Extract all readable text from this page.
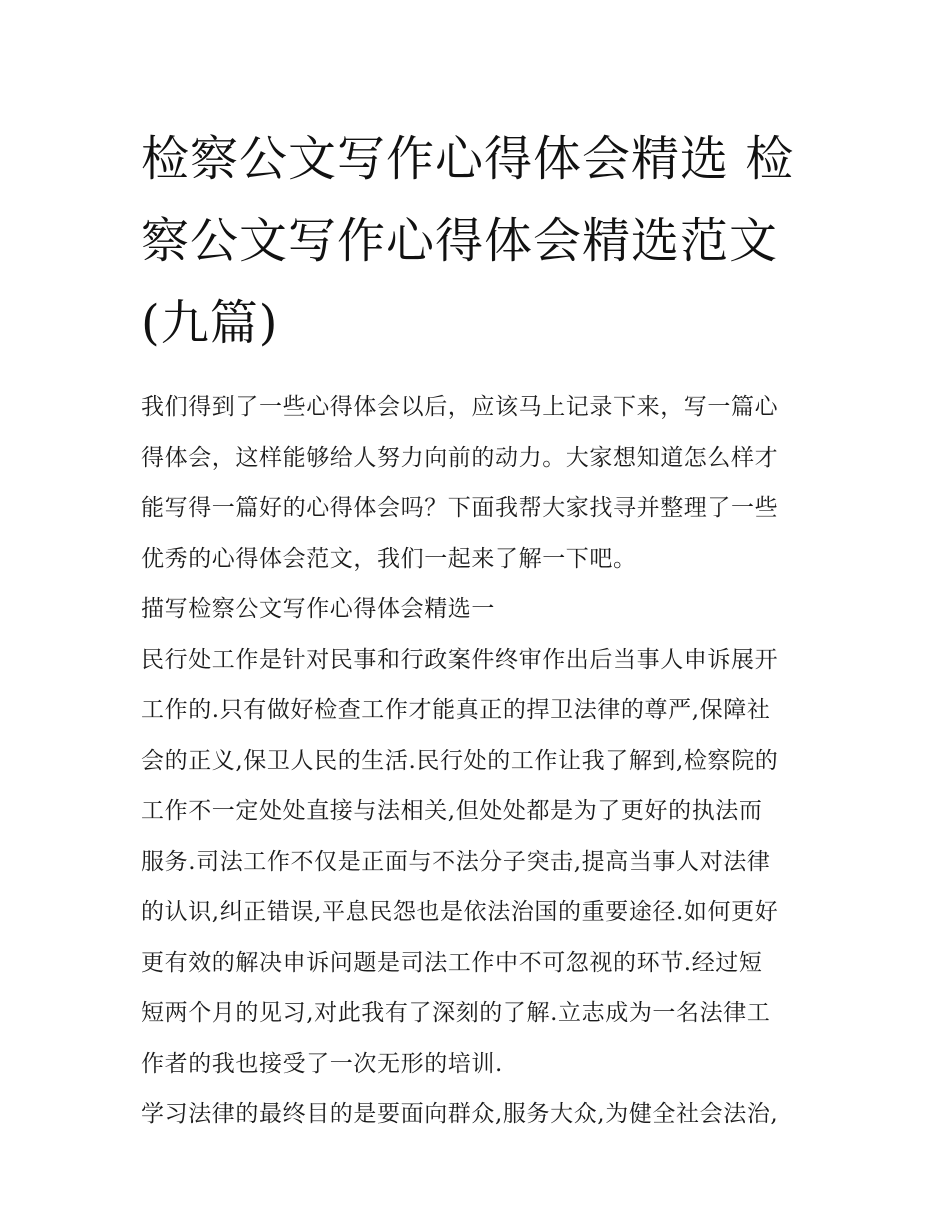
检察公文写作心得体会精选 检
察公文写作心得体会精选范文
(九篇)

我们得到了一些心得体会以后，应该马上记录下来，写一篇心
得体会，这样能够给人努力向前的动力。大家想知道怎么样才
能写得一篇好的心得体会吗？下面我帮大家找寻并整理了一些
优秀的心得体会范文，我们一起来了解一下吧。

描写检察公文写作心得体会精选一

民行处工作是针对民事和行政案件终审作出后当事人申诉展开
工作的.只有做好检查工作才能真正的捍卫法律的尊严,保障社
会的正义,保卫人民的生活.民行处的工作让我了解到,检察院的
工作不一定处处直接与法相关,但处处都是为了更好的执法而
服务.司法工作不仅是正面与不法分子突击,提高当事人对法律
的认识,纠正错误,平息民怨也是依法治国的重要途径.如何更好
更有效的解决申诉问题是司法工作中不可忽视的环节.经过短
短两个月的见习,对此我有了深刻的了解.立志成为一名法律工
作者的我也接受了一次无形的培训.

学习法律的最终目的是要面向群众,服务大众,为健全社会法治,
